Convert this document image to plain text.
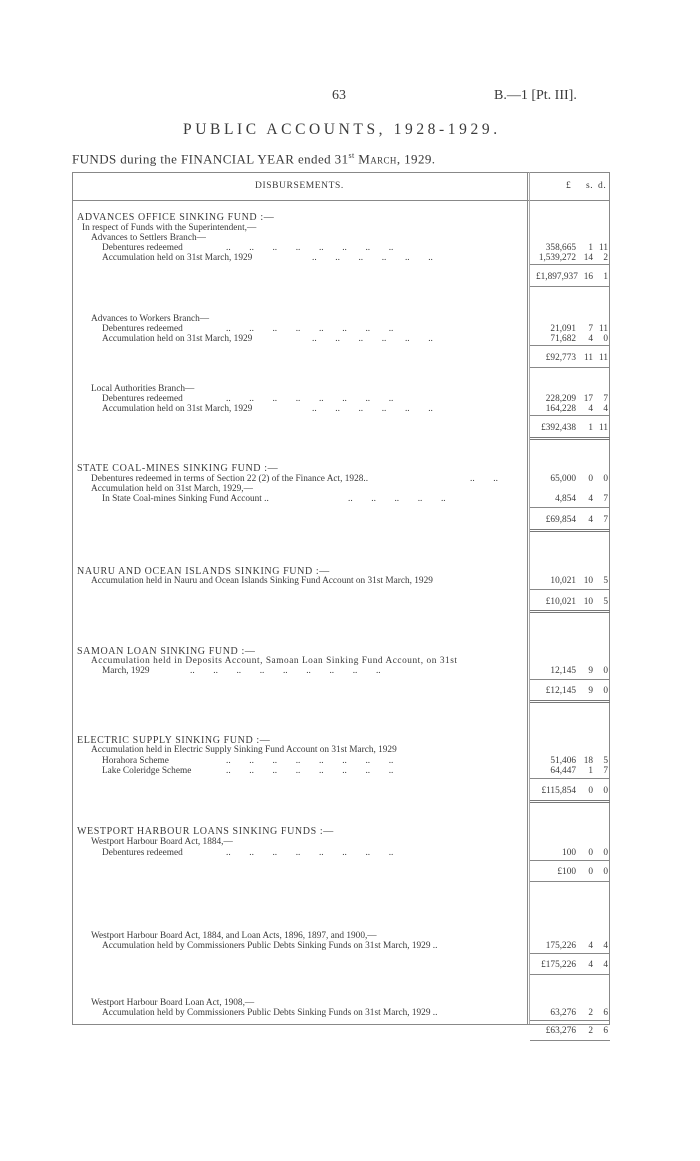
63	B.—1 [Pt. III].
PUBLIC ACCOUNTS, 1928-1929.
FUNDS during the FINANCIAL YEAR ended 31st March, 1929.
DISBURSEMENTS.	£ s. d.
ADVANCES OFFICE SINKING FUND :—
In respect of Funds with the Superintendent,—
Advances to Settlers Branch—
Debentures redeemed	..        ..        ..        ..        ..        ..        ..        ..	358,665 1 11
Accumulation held on 31st March, 1929	..        ..        ..        ..        ..        ..	1,539,272 14 2
£1,897,937 16 1
Advances to Workers Branch—
Debentures redeemed	..        ..        ..        ..        ..        ..        ..        ..	21,091 7 11
Accumulation held on 31st March, 1929	..        ..        ..        ..        ..        ..	71,682 4 0
£92,773 11 11
Local Authorities Branch—
Debentures redeemed	..        ..        ..        ..        ..        ..        ..        ..	228,209 17 7
Accumulation held on 31st March, 1929	..        ..        ..        ..        ..        ..	164,228 4 4
£392,438 1 11
STATE COAL-MINES SINKING FUND :—
Debentures redeemed in terms of Section 22 (2) of the Finance Act, 1928..	..        ..	65,000 0 0
Accumulation held on 31st March, 1929,—
In State Coal-mines Sinking Fund Account ..	..        ..        ..        ..        ..	4,854 4 7
£69,854 4 7
NAURU AND OCEAN ISLANDS SINKING FUND :—
Accumulation held in Nauru and Ocean Islands Sinking Fund Account on 31st March, 1929	10,021 10 5
£10,021 10 5
SAMOAN LOAN SINKING FUND :—
Accumulation held in Deposits Account, Samoan Loan Sinking Fund Account, on 31st
March, 1929	..        ..        ..        ..        ..        ..        ..        ..        ..	12,145 9 0
£12,145 9 0
ELECTRIC SUPPLY SINKING FUND :—
Accumulation held in Electric Supply Sinking Fund Account on 31st March, 1929
Horahora Scheme	..        ..        ..        ..        ..        ..        ..        ..	51,406 18 5
Lake Coleridge Scheme	..        ..        ..        ..        ..        ..        ..        ..	64,447 1 7
£115,854 0 0
WESTPORT HARBOUR LOANS SINKING FUNDS :—
Westport Harbour Board Act, 1884,—
Debentures redeemed	..        ..        ..        ..        ..        ..        ..        ..	100 0 0
£100 0 0
Westport Harbour Board Act, 1884, and Loan Acts, 1896, 1897, and 1900,—
Accumulation held by Commissioners Public Debts Sinking Funds on 31st March, 1929 ..	175,226 4 4
£175,226 4 4
Westport Harbour Board Loan Act, 1908,—
Accumulation held by Commissioners Public Debts Sinking Funds on 31st March, 1929 ..	63,276 2 6
£63,276 2 6
